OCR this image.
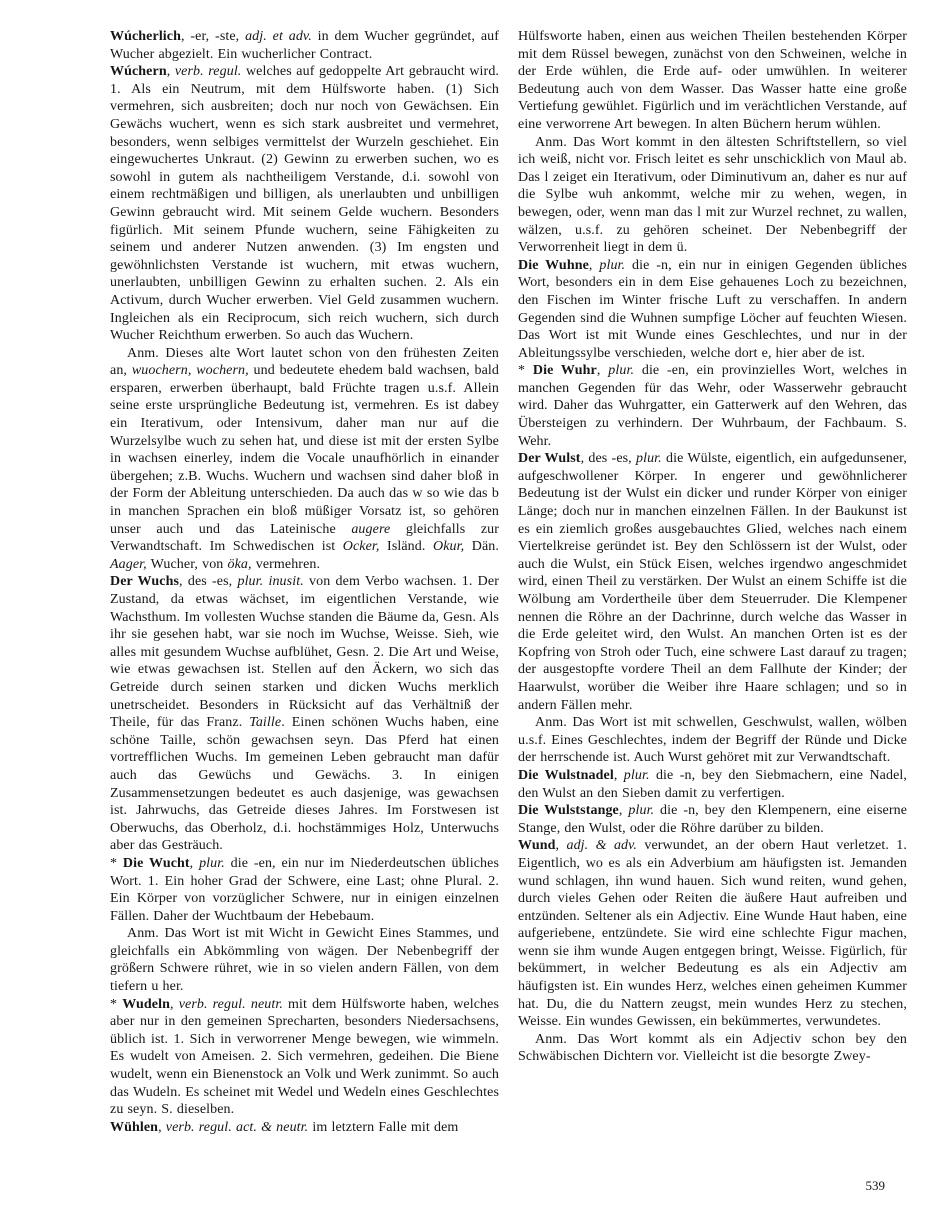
Wúcherlich, -er, -ste, adj. et adv. in dem Wucher gegründet, auf Wucher abgezielt. Ein wucherlicher Contract.

Wúchern, verb. regul. welches auf gedoppelte Art gebraucht wird. 1. Als ein Neutrum, mit dem Hülfsworte haben. (1) Sich vermehren, sich ausbreiten; doch nur noch von Gewächsen. Ein Gewächs wuchert, wenn es sich stark ausbreitet und vermehret, besonders, wenn selbiges vermittelst der Wurzeln geschiehet. Ein eingewuchertes Unkraut. (2) Gewinn zu erwerben suchen, wo es sowohl in gutem als nachtheiligem Verstande, d.i. sowohl von einem rechtmäßigen und billigen, als unerlaubten und unbilligen Gewinn gebraucht wird. Mit seinem Gelde wuchern. Besonders figürlich. Mit seinem Pfunde wuchern, seine Fähigkeiten zu seinem und anderer Nutzen anwenden. (3) Im engsten und gewöhnlichsten Verstande ist wuchern, mit etwas wuchern, unerlaubten, unbilligen Gewinn zu erhalten suchen. 2. Als ein Activum, durch Wucher erwerben. Viel Geld zusammen wuchern. Ingleichen als ein Reciprocum, sich reich wuchern, sich durch Wucher Reichthum erwerben. So auch das Wuchern.

Anm. Dieses alte Wort lautet schon von den frühesten Zeiten an, wuochern, wochern, und bedeutete ehedem bald wachsen, bald ersparen, erwerben überhaupt, bald Früchte tragen u.s.f. Allein seine erste ursprüngliche Bedeutung ist, vermehren. Es ist dabey ein Iterativum, oder Intensivum, daher man nur auf die Wurzelsylbe wuch zu sehen hat, und diese ist mit der ersten Sylbe in wachsen einerley, indem die Vocale unaufhörlich in einander übergehen; z.B. Wuchs. Wuchern und wachsen sind daher bloß in der Form der Ableitung unterschieden. Da auch das w so wie das b in manchen Sprachen ein bloß müßiger Vorsatz ist, so gehören unser auch und das Lateinische augere gleichfalls zur Verwandtschaft. Im Schwedischen ist Ocker, Isländ. Okur, Dän. Aager, Wucher, von öka, vermehren.

Der Wuchs, des -es, plur. inusit. von dem Verbo wachsen. 1. Der Zustand, da etwas wächset, im eigentlichen Verstande, wie Wachsthum. Im vollesten Wuchse standen die Bäume da, Gesn. Als ihr sie gesehen habt, war sie noch im Wuchse, Weisse. Sieh, wie alles mit gesundem Wuchse aufblühet, Gesn. 2. Die Art und Weise, wie etwas gewachsen ist. Stellen auf den Äckern, wo sich das Getreide durch seinen starken und dicken Wuchs merklich unetrscheidet. Besonders in Rücksicht auf das Verhältniß der Theile, für das Franz. Taille. Einen schönen Wuchs haben, eine schöne Taille, schön gewachsen seyn. Das Pferd hat einen vortrefflichen Wuchs. Im gemeinen Leben gebraucht man dafür auch das Gewüchs und Gewächs. 3. In einigen Zusammensetzungen bedeutet es auch dasjenige, was gewachsen ist. Jahrwuchs, das Getreide dieses Jahres. Im Forstwesen ist Oberwuchs, das Oberholz, d.i. hochstämmiges Holz, Unterwuchs aber das Gesträuch.

* Die Wucht, plur. die -en, ein nur im Niederdeutschen übliches Wort. 1. Ein hoher Grad der Schwere, eine Last; ohne Plural. 2. Ein Körper von vorzüglicher Schwere, nur in einigen einzelnen Fällen. Daher der Wuchtbaum der Hebebaum.

Anm. Das Wort ist mit Wicht in Gewicht Eines Stammes, und gleichfalls ein Abkömmling von wägen. Der Nebenbegriff der größern Schwere rühret, wie in so vielen andern Fällen, von dem tiefern u her.

* Wudeln, verb. regul. neutr. mit dem Hülfsworte haben, welches aber nur in den gemeinen Sprecharten, besonders Niedersachsens, üblich ist. 1. Sich in verworrener Menge bewegen, wie wimmeln. Es wudelt von Ameisen. 2. Sich vermehren, gedeihen. Die Biene wudelt, wenn ein Bienenstock an Volk und Werk zunimmt. So auch das Wudeln. Es scheinet mit Wedel und Wedeln eines Geschlechtes zu seyn. S. dieselben.

Wühlen, verb. regul. act. & neutr. im letztern Falle mit dem

Hülfsworte haben, einen aus weichen Theilen bestehenden Körper mit dem Rüssel bewegen, zunächst von den Schweinen, welche in der Erde wühlen, die Erde auf- oder umwühlen. In weiterer Bedeutung auch von dem Wasser. Das Wasser hatte eine große Vertiefung gewühlet. Figürlich und im verächtlichen Verstande, auf eine verworrene Art bewegen. In alten Büchern herum wühlen.

Anm. Das Wort kommt in den ältesten Schriftstellern, so viel ich weiß, nicht vor. Frisch leitet es sehr unschicklich von Maul ab. Das l zeiget ein Iterativum, oder Diminutivum an, daher es nur auf die Sylbe wuh ankommt, welche mir zu wehen, wegen, in bewegen, oder, wenn man das l mit zur Wurzel rechnet, zu wallen, wälzen, u.s.f. zu gehören scheinet. Der Nebenbegriff der Verworrenheit liegt in dem ü.

Die Wuhne, plur. die -n, ein nur in einigen Gegenden übliches Wort, besonders ein in dem Eise gehauenes Loch zu bezeichnen, den Fischen im Winter frische Luft zu verschaffen. In andern Gegenden sind die Wuhnen sumpfige Löcher auf feuchten Wiesen. Das Wort ist mit Wunde eines Geschlechtes, und nur in der Ableitungssylbe verschieden, welche dort e, hier aber de ist.

* Die Wuhr, plur. die -en, ein provinzielles Wort, welches in manchen Gegenden für das Wehr, oder Wasserwehr gebraucht wird. Daher das Wuhrgatter, ein Gatterwerk auf den Wehren, das Übersteigen zu verhindern. Der Wuhrbaum, der Fachbaum. S. Wehr.

Der Wulst, des -es, plur. die Wülste, eigentlich, ein aufgedunsener, aufgeschwollener Körper. In engerer und gewöhnlicherer Bedeutung ist der Wulst ein dicker und runder Körper von einiger Länge; doch nur in manchen einzelnen Fällen. In der Baukunst ist es ein ziemlich großes ausgebauchtes Glied, welches nach einem Viertelkreise geründet ist. Bey den Schlössern ist der Wulst, oder auch die Wulst, ein Stück Eisen, welches irgendwo angeschmidet wird, einen Theil zu verstärken. Der Wulst an einem Schiffe ist die Wölbung am Vordertheile über dem Steuerruder. Die Klempener nennen die Röhre an der Dachrinne, durch welche das Wasser in die Erde geleitet wird, den Wulst. An manchen Orten ist es der Kopfring von Stroh oder Tuch, eine schwere Last darauf zu tragen; der ausgestopfte vordere Theil an dem Fallhute der Kinder; der Haarwulst, worüber die Weiber ihre Haare schlagen; und so in andern Fällen mehr.

Anm. Das Wort ist mit schwellen, Geschwulst, wallen, wölben u.s.f. Eines Geschlechtes, indem der Begriff der Ründe und Dicke der herrschende ist. Auch Wurst gehöret mit zur Verwandtschaft.

Die Wulstnadel, plur. die -n, bey den Siebmachern, eine Nadel, den Wulst an den Sieben damit zu verfertigen.

Die Wulststange, plur. die -n, bey den Klempenern, eine eiserne Stange, den Wulst, oder die Röhre darüber zu bilden.

Wund, adj. & adv. verwundet, an der obern Haut verletzet. 1. Eigentlich, wo es als ein Adverbium am häufigsten ist. Jemanden wund schlagen, ihn wund hauen. Sich wund reiten, wund gehen, durch vieles Gehen oder Reiten die äußere Haut aufreiben und entzünden. Seltener als ein Adjectiv. Eine Wunde Haut haben, eine aufgeriebene, entzündete. Sie wird eine schlechte Figur machen, wenn sie ihm wunde Augen entgegen bringt, Weisse. Figürlich, für bekümmert, in welcher Bedeutung es als ein Adjectiv am häufigsten ist. Ein wundes Herz, welches einen geheimen Kummer hat. Du, die du Nattern zeugst, mein wundes Herz zu stechen, Weisse. Ein wundes Gewissen, ein bekümmertes, verwundetes.

Anm. Das Wort kommt als ein Adjectiv schon bey den Schwäbischen Dichtern vor. Vielleicht ist die besorgte Zwey-

539
